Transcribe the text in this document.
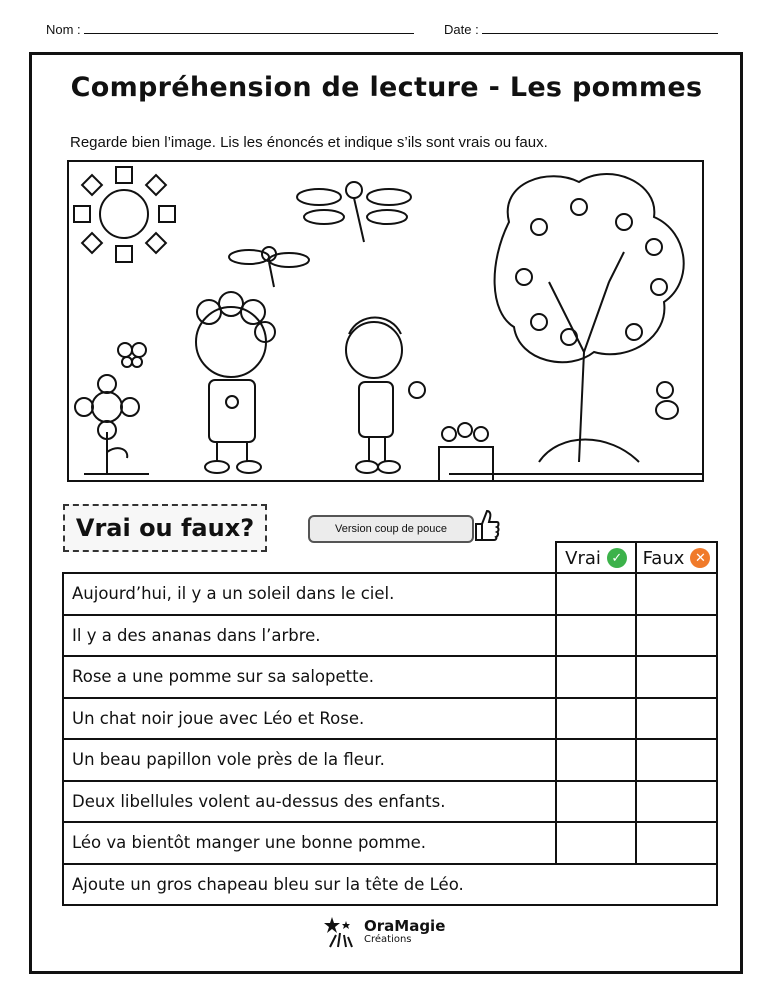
Nom :	Date :
Compréhension de lecture - Les pommes
Regarde bien l’image. Lis les énoncés et indique s’ils sont vrais ou faux.
Vrai ou faux?	Version coup de pouce
Vrai ✓ Faux ✕
Aujourd’hui, il y a un soleil dans le ciel.
Il y a des ananas dans l’arbre.
Rose a une pomme sur sa salopette.
Un chat noir joue avec Léo et Rose.
Un beau papillon vole près de la fleur.
Deux libellules volent au-dessus des enfants.
Léo va bientôt manger une bonne pomme.
Ajoute un gros chapeau bleu sur la tête de Léo.
OraMagie
Créations
